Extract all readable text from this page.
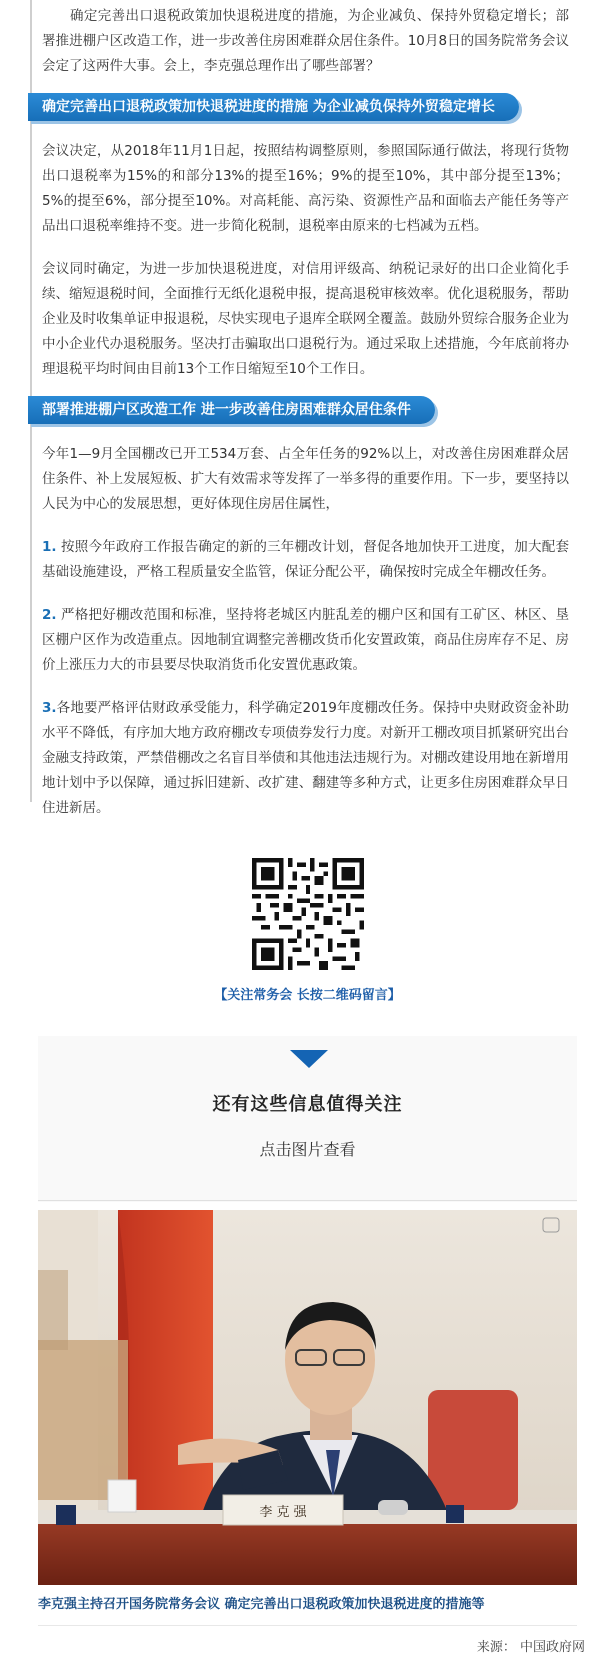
确定完善出口退税政策加快退税进度的措施，为企业减负、保持外贸稳定增长；部署推进棚户区改造工作，进一步改善住房困难群众居住条件。10月8日的国务院常务会议会定了这两件大事。会上，李克强总理作出了哪些部署？

确定完善出口退税政策加快退税进度的措施 为企业减负保持外贸稳定增长

会议决定，从2018年11月1日起，按照结构调整原则，参照国际通行做法，将现行货物出口退税率为15%的和部分13%的提至16%；9%的提至10%，其中部分提至13%；5%的提至6%，部分提至10%。对高耗能、高污染、资源性产品和面临去产能任务等产品出口退税率维持不变。进一步简化税制，退税率由原来的七档减为五档。

会议同时确定，为进一步加快退税进度，对信用评级高、纳税记录好的出口企业简化手续、缩短退税时间，全面推行无纸化退税申报，提高退税审核效率。优化退税服务，帮助企业及时收集单证申报退税，尽快实现电子退库全联网全覆盖。鼓励外贸综合服务企业为中小企业代办退税服务。坚决打击骗取出口退税行为。通过采取上述措施，今年底前将办理退税平均时间由目前13个工作日缩短至10个工作日。

部署推进棚户区改造工作 进一步改善住房困难群众居住条件

今年1—9月全国棚改已开工534万套、占全年任务的92%以上，对改善住房困难群众居住条件、补上发展短板、扩大有效需求等发挥了一举多得的重要作用。下一步，要坚持以人民为中心的发展思想，更好体现住房居住属性，

1. 按照今年政府工作报告确定的新的三年棚改计划，督促各地加快开工进度，加大配套基础设施建设，严格工程质量安全监管，保证分配公平，确保按时完成全年棚改任务。

2. 严格把好棚改范围和标准，坚持将老城区内脏乱差的棚户区和国有工矿区、林区、垦区棚户区作为改造重点。因地制宜调整完善棚改货币化安置政策，商品住房库存不足、房价上涨压力大的市县要尽快取消货币化安置优惠政策。

3.各地要严格评估财政承受能力，科学确定2019年度棚改任务。保持中央财政资金补助水平不降低，有序加大地方政府棚改专项债券发行力度。对新开工棚改项目抓紧研究出台金融支持政策，严禁借棚改之名盲目举债和其他违法违规行为。对棚改建设用地在新增用地计划中予以保障，通过拆旧建新、改扩建、翻建等多种方式，让更多住房困难群众早日住进新居。

【关注常务会 长按二维码留言】
还有这些信息值得关注
点击图片查看
李 克 强
李克强主持召开国务院常务会议 确定完善出口退税政策加快退税进度的措施等
来源： 中国政府网
